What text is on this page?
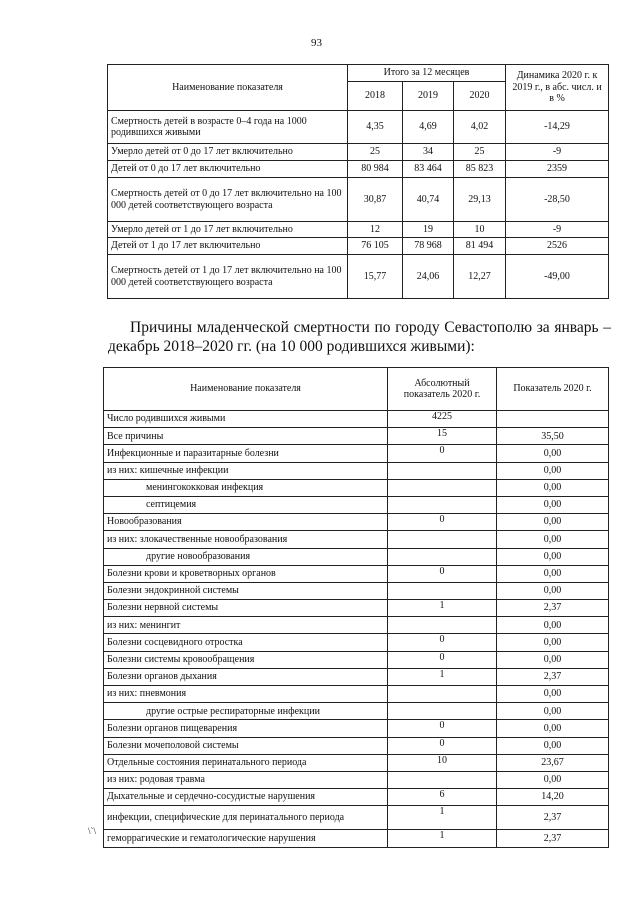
93
Наименование показателя	Итого за 12 месяцев			Динамика 2020 г. к 2019 г., в абс. числ. и в %
	2018	2019	2020	
Смертность детей в возрасте 0–4 года на 1000 родившихся живыми	4,35	4,69	4,02	-14,29
Умерло детей от 0 до 17 лет включительно	25	34	25	-9
Детей от 0 до 17 лет включительно	80 984	83 464	85 823	2359
Смертность детей от 0 до 17 лет включительно на 100 000 детей соответствующего возраста	30,87	40,74	29,13	-28,50
Умерло детей от 1 до 17 лет включительно	12	19	10	-9
Детей от 1 до 17 лет включительно	76 105	78 968	81 494	2526
Смертность детей от 1 до 17 лет включительно на 100 000 детей соответствующего возраста	15,77	24,06	12,27	-49,00
Причины младенческой смертности по городу Севастополю за январь – декабрь 2018–2020 гг. (на 10 000 родившихся живыми):
Наименование показателя	Абсолютный показатель 2020 г.	Показатель 2020 г.
Число родившихся живыми	4225	
Все причины	15	35,50
Инфекционные и паразитарные болезни	0	0,00
из них: кишечные инфекции		0,00
менингококковая инфекция		0,00
септицемия		0,00
Новообразования	0	0,00
из них: злокачественные новообразования		0,00
другие новообразования		0,00
Болезни крови и кроветворных органов	0	0,00
Болезни эндокринной системы		0,00
Болезни нервной системы	1	2,37
из них: менингит		0,00
Болезни сосцевидного отростка	0	0,00
Болезни системы кровообращения	0	0,00
Болезни органов дыхания	1	2,37
из них: пневмония		0,00
другие острые респираторные инфекции		0,00
Болезни органов пищеварения	0	0,00
Болезни мочеполовой системы	0	0,00
Отдельные состояния перинатального периода	10	23,67
из них: родовая травма		0,00
Дыхательные и сердечно-сосудистые нарушения	6	14,20
инфекции, специфические для перинатального периода	1	2,37
геморрагические и гематологические нарушения	1	2,37
\`\
